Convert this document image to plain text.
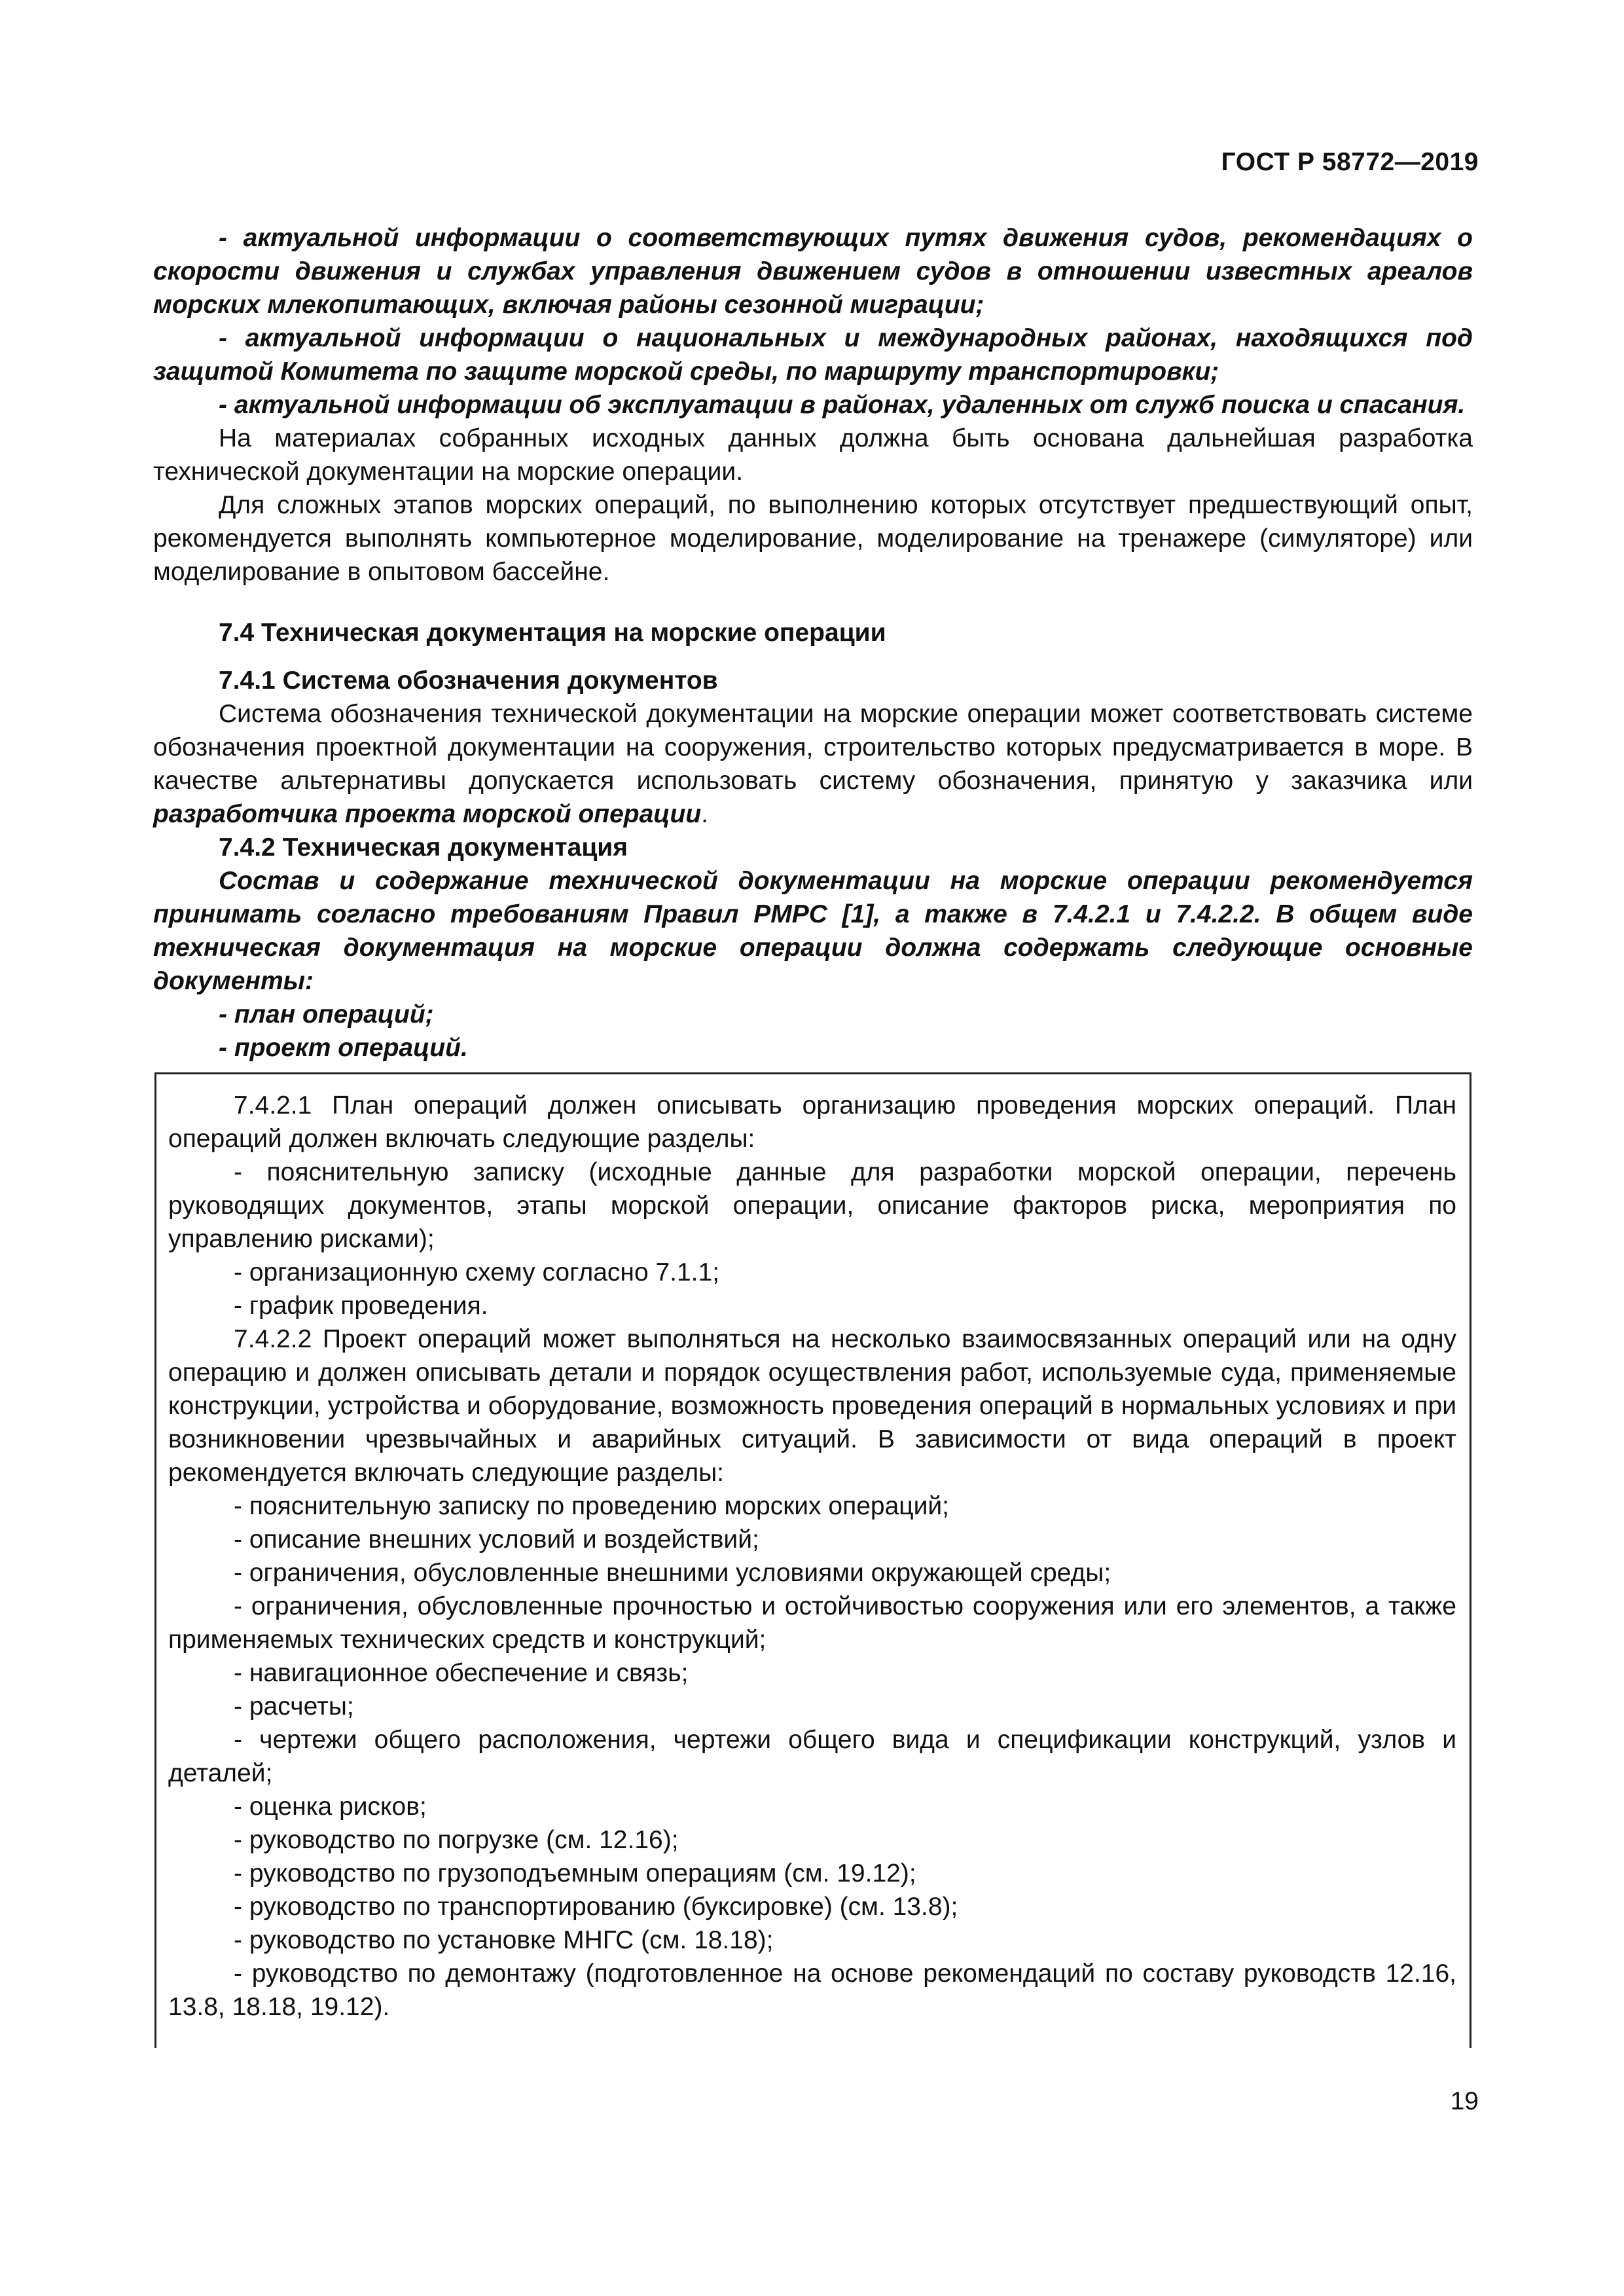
ГОСТ Р 58772—2019

- актуальной информации о соответствующих путях движения судов, рекомендациях о скорости движения и службах управления движением судов в отношении известных ареалов морских млекопитающих, включая районы сезонной миграции;

- актуальной информации о национальных и международных районах, находящихся под защитой Комитета по защите морской среды, по маршруту транспортировки;

- актуальной информации об эксплуатации в районах, удаленных от служб поиска и спасания.

На материалах собранных исходных данных должна быть основана дальнейшая разработка технической документации на морские операции.

Для сложных этапов морских операций, по выполнению которых отсутствует предшествующий опыт, рекомендуется выполнять компьютерное моделирование, моделирование на тренажере (симуляторе) или моделирование в опытовом бассейне.

7.4 Техническая документация на морские операции

7.4.1 Система обозначения документов

Система обозначения технической документации на морские операции может соответствовать системе обозначения проектной документации на сооружения, строительство которых предусматривается в море. В качестве альтернативы допускается использовать систему обозначения, принятую у заказчика или разработчика проекта морской операции.

7.4.2 Техническая документация

Состав и содержание технической документации на морские операции рекомендуется принимать согласно требованиям Правил РМРС [1], а также в 7.4.2.1 и 7.4.2.2. В общем виде техническая документация на морские операции должна содержать следующие основные документы:

- план операций;

- проект операций.

7.4.2.1 План операций должен описывать организацию проведения морских операций. План операций должен включать следующие разделы:

- пояснительную записку (исходные данные для разработки морской операции, перечень руководящих документов, этапы морской операции, описание факторов риска, мероприятия по управлению рисками);

- организационную схему согласно 7.1.1;

- график проведения.

7.4.2.2 Проект операций может выполняться на несколько взаимосвязанных операций или на одну операцию и должен описывать детали и порядок осуществления работ, используемые суда, применяемые конструкции, устройства и оборудование, возможность проведения операций в нормальных условиях и при возникновении чрезвычайных и аварийных ситуаций. В зависимости от вида операций в проект рекомендуется включать следующие разделы:

- пояснительную записку по проведению морских операций;

- описание внешних условий и воздействий;

- ограничения, обусловленные внешними условиями окружающей среды;

- ограничения, обусловленные прочностью и остойчивостью сооружения или его элементов, а также применяемых технических средств и конструкций;

- навигационное обеспечение и связь;

- расчеты;

- чертежи общего расположения, чертежи общего вида и спецификации конструкций, узлов и деталей;

- оценка рисков;

- руководство по погрузке (см. 12.16);

- руководство по грузоподъемным операциям (см. 19.12);

- руководство по транспортированию (буксировке) (см. 13.8);

- руководство по установке МНГС (см. 18.18);

- руководство по демонтажу (подготовленное на основе рекомендаций по составу руководств 12.16, 13.8, 18.18, 19.12).

19
